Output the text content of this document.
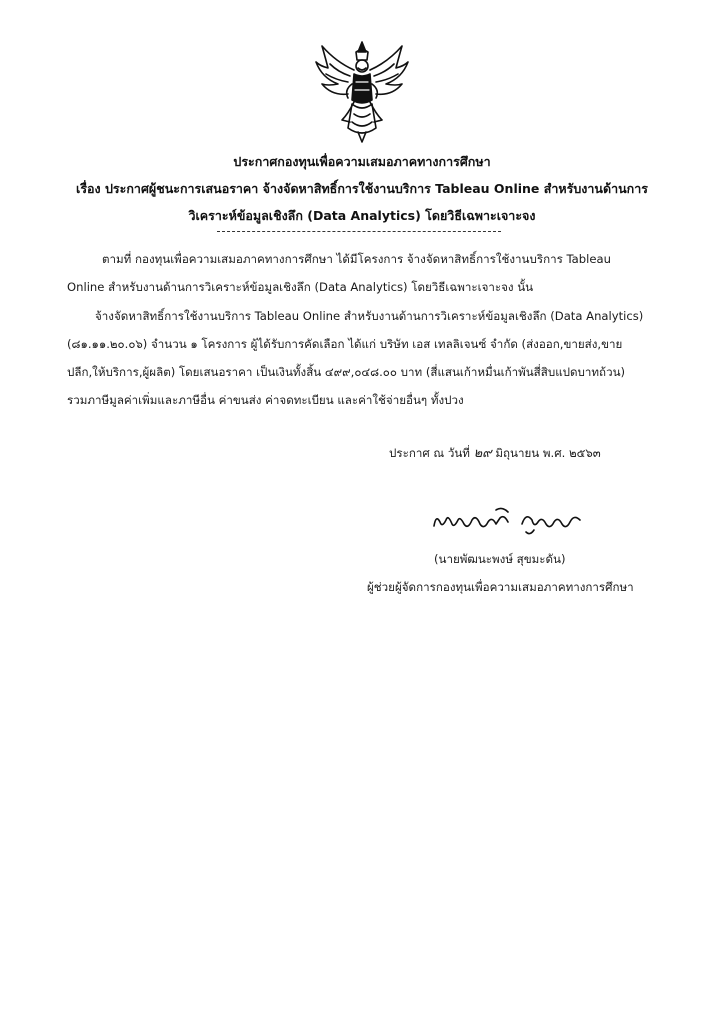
ประกาศกองทุนเพื่อความเสมอภาคทางการศึกษา
เรื่อง ประกาศผู้ชนะการเสนอราคา จ้างจัดหาสิทธิ์การใช้งานบริการ Tableau Online สำหรับงานด้านการ
วิเคราะห์ข้อมูลเชิงลึก (Data Analytics) โดยวิธีเฉพาะเจาะจง
ตามที่ กองทุนเพื่อความเสมอภาคทางการศึกษา ได้มีโครงการ จ้างจัดหาสิทธิ์การใช้งานบริการ Tableau
Online สำหรับงานด้านการวิเคราะห์ข้อมูลเชิงลึก (Data Analytics) โดยวิธีเฉพาะเจาะจง นั้น
จ้างจัดหาสิทธิ์การใช้งานบริการ Tableau Online สำหรับงานด้านการวิเคราะห์ข้อมูลเชิงลึก (Data Analytics)
(๘๑.๑๑.๒๐.๐๖) จำนวน ๑ โครงการ ผู้ได้รับการคัดเลือก ได้แก่ บริษัท เอส เทลลิเจนซ์ จำกัด (ส่งออก,ขายส่ง,ขาย
ปลีก,ให้บริการ,ผู้ผลิต) โดยเสนอราคา เป็นเงินทั้งสิ้น ๔๙๙,๐๔๘.๐๐ บาท (สี่แสนเก้าหมื่นเก้าพันสี่สิบแปดบาทถ้วน)
รวมภาษีมูลค่าเพิ่มและภาษีอื่น ค่าขนส่ง ค่าจดทะเบียน และค่าใช้จ่ายอื่นๆ ทั้งปวง
ประกาศ ณ วันที่ ๒๙ มิถุนายน พ.ศ. ๒๕๖๓
(นายพัฒนะพงษ์ สุขมะดัน)
ผู้ช่วยผู้จัดการกองทุนเพื่อความเสมอภาคทางการศึกษา
